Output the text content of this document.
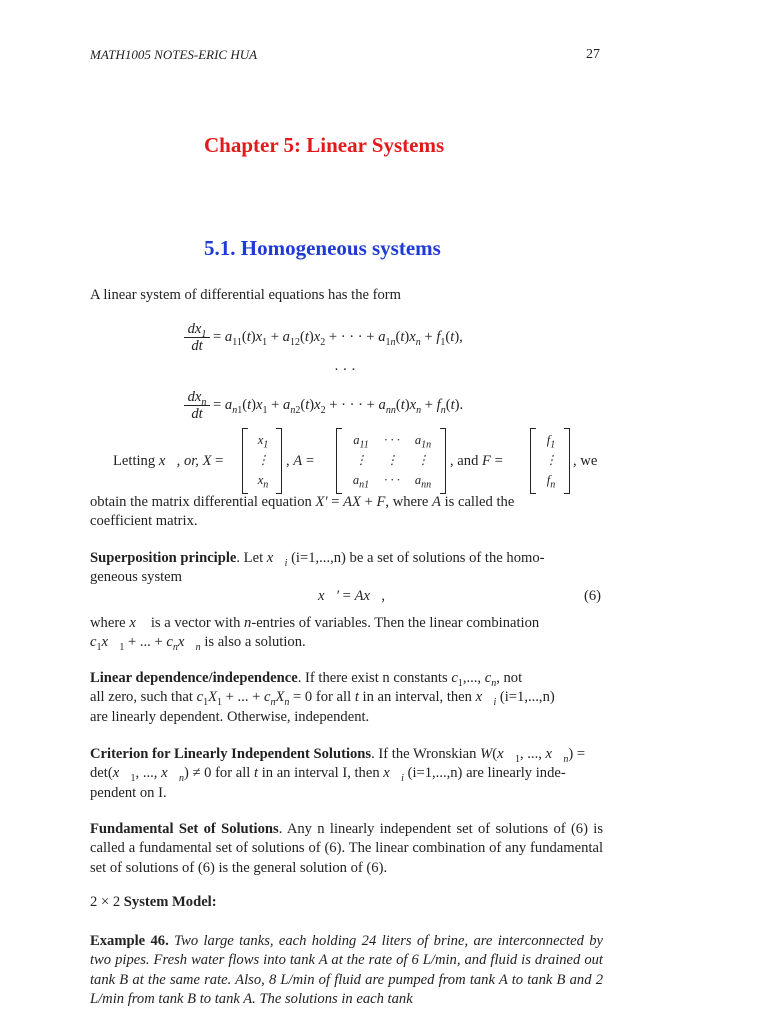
MATH1005 NOTES-ERIC HUA	27
Chapter 5: Linear Systems
5.1. Homogeneous systems
A linear system of differential equations has the form
$\frac{dx_1}{dt} = a_{11}(t)x_1 + a_{12}(t)x_2$ + · · · + $a_{1n}(t)x_n + f_1(t)$,
· · ·
$dx_n$
dt
= $a_{n1}(t)x_1 + a_{n2}(t)x_2$ + · · · + $a_{nn}(t)x_n + f_n(t)$.
Letting x⃗, or, X =
$x_1$
⋮
$x_n$
, A =
$a_{11}$ · · · $a_{1n}$
⋮ ⋮ ⋮
$a_{n1}$ · · · $a_{nn}$
, and F =
$f_1$
⋮
$f_n$
, we
obtain the matrix differential equation X′ = AX + F, where A is called the
coefficient matrix.
Superposition principle. Let $x⃗_i$ (i=1,...,n) be a set of solutions of the homo-
geneous system
x⃗′ = Ax⃗,	(6)
where x⃗ is a vector with n-entries of variables. Then the linear combination
$c_1x⃗_1$ + ... + $c_nx⃗_n$ is also a solution.
Linear dependence/independence. If there exist n constants $c_1$,..., $c_n$, not
all zero, such that $c_1X_1$ + ... + $c_nX_n = 0$ for all t in an interval, then $x⃗_i$ (i=1,...,n)
are linearly dependent. Otherwise, independent.
Criterion for Linearly Independent Solutions. If the Wronskian $W(x⃗_1$, ..., $x⃗_n$) =
$\det(x⃗_1$, ..., $x⃗_n) \ne 0$ for all t in an interval I, then $x⃗_i$ (i=1,...,n) are linearly inde-
pendent on I.
Fundamental Set of Solutions. Any n linearly independent set of solutions of (6) is called a fundamental set of solutions of (6). The linear combination of any fundamental set of solutions of (6) is the general solution of (6).
2 × 2 System Model:
Example 46. Two large tanks, each holding 24 liters of brine, are interconnected by two pipes. Fresh water flows into tank A at the rate of 6 L/min, and fluid is drained out tank B at the same rate. Also, 8 L/min of fluid are pumped from tank A to tank B and 2 L/min from tank B to tank A. The solutions in each tank
